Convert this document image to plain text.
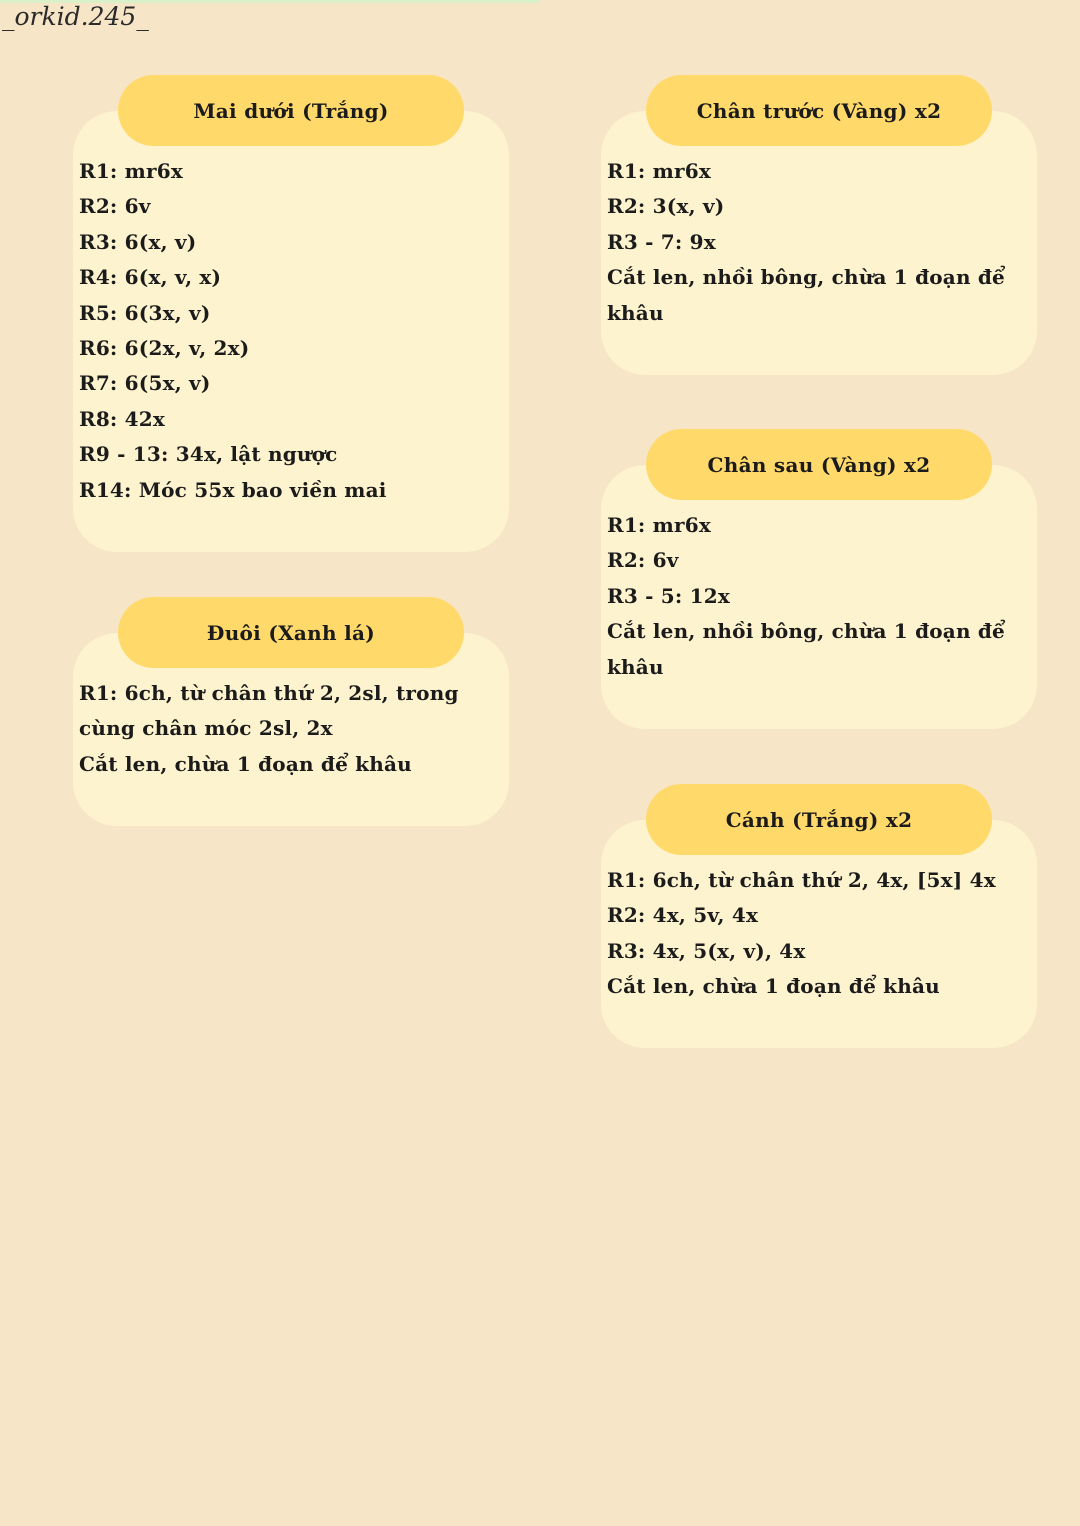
_orkid.245_
Mai dưới (Trắng)
R1: mr6x
R2: 6v
R3: 6(x, v)
R4: 6(x, v, x)
R5: 6(3x, v)
R6: 6(2x, v, 2x)
R7: 6(5x, v)
R8: 42x
R9 - 13: 34x, lật ngược
R14: Móc 55x bao viền mai
Đuôi (Xanh lá)
R1: 6ch, từ chân thứ 2, 2sl, trong cùng chân móc 2sl, 2x
Cắt len, chừa 1 đoạn để khâu
Chân trước (Vàng) x2
R1: mr6x
R2: 3(x, v)
R3 - 7: 9x
Cắt len, nhồi bông, chừa 1 đoạn để khâu
Chân sau (Vàng) x2
R1: mr6x
R2: 6v
R3 - 5: 12x
Cắt len, nhồi bông, chừa 1 đoạn để khâu
Cánh (Trắng) x2
R1: 6ch, từ chân thứ 2, 4x, [5x] 4x
R2: 4x, 5v, 4x
R3: 4x, 5(x, v), 4x
Cắt len, chừa 1 đoạn để khâu
